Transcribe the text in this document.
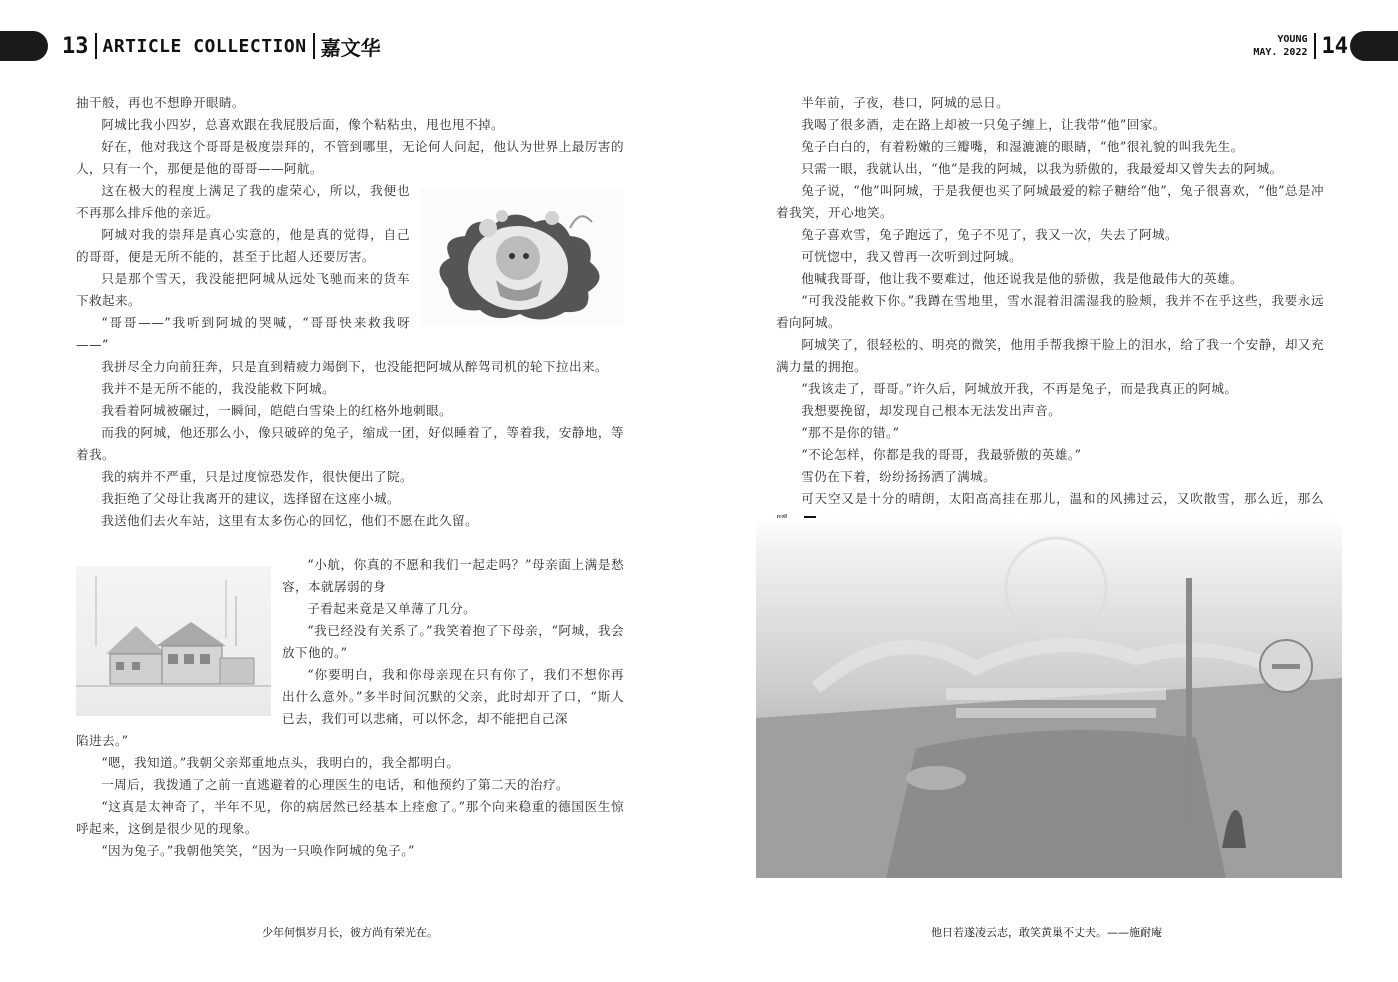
13 ARTICLE COLLECTION 嘉文华	YOUNG
MAY. 2022 14

抽干般，再也不想睁开眼睛。

阿城比我小四岁，总喜欢跟在我屁股后面，像个粘粘虫，甩也甩不掉。

好在，他对我这个哥哥是极度崇拜的，不管到哪里，无论何人问起，他认为世界上最厉害的人，只有一个，那便是他的哥哥——阿航。

这在极大的程度上满足了我的虚荣心，所以，我便也不再那么排斥他的亲近。

阿城对我的崇拜是真心实意的，他是真的觉得，自己的哥哥，便是无所不能的，甚至于比超人还要厉害。

只是那个雪天，我没能把阿城从远处飞驰而来的货车下救起来。

“哥哥——”我听到阿城的哭喊，“哥哥快来救我呀——”

我拼尽全力向前狂奔，只是直到精疲力竭倒下，也没能把阿城从醉驾司机的轮下拉出来。

我并不是无所不能的，我没能救下阿城。

我看着阿城被碾过，一瞬间，皑皑白雪染上的红格外地刺眼。

而我的阿城，他还那么小，像只破碎的兔子，缩成一团，好似睡着了，等着我，安静地，等着我。

我的病并不严重，只是过度惊恐发作，很快便出了院。

我拒绝了父母让我离开的建议，选择留在这座小城。

我送他们去火车站，这里有太多伤心的回忆，他们不愿在此久留。

“小航，你真的不愿和我们一起走吗？”母亲面上满是愁容，本就孱弱的身

子看起来竟是又单薄了几分。

“我已经没有关系了。”我笑着抱了下母亲，“阿城，我会放下他的。”

“你要明白，我和你母亲现在只有你了，我们不想你再出什么意外。”多半时间沉默的父亲，此时却开了口，“斯人已去，我们可以悲痛，可以怀念，却不能把自己深

陷进去。”

“嗯，我知道。”我朝父亲郑重地点头，我明白的，我全都明白。

一周后，我拨通了之前一直逃避着的心理医生的电话，和他预约了第二天的治疗。

“这真是太神奇了，半年不见，你的病居然已经基本上痊愈了。”那个向来稳重的德国医生惊呼起来，这倒是很少见的现象。

“因为兔子。”我朝他笑笑，“因为一只唤作阿城的兔子。”

半年前，子夜，巷口，阿城的忌日。

我喝了很多酒，走在路上却被一只兔子缠上，让我带“他”回家。

兔子白白的，有着粉嫩的三瓣嘴，和湿漉漉的眼睛，“他”很礼貌的叫我先生。

只需一眼，我就认出，“他”是我的阿城，以我为骄傲的，我最爱却又曾失去的阿城。

兔子说，“他”叫阿城，于是我便也买了阿城最爱的粽子糖给“他”，兔子很喜欢，“他”总是冲着我笑，开心地笑。

兔子喜欢雪，兔子跑远了，兔子不见了，我又一次，失去了阿城。

可恍惚中，我又曾再一次听到过阿城。

他喊我哥哥，他让我不要难过，他还说我是他的骄傲，我是他最伟大的英雄。

“可我没能救下你。”我蹲在雪地里，雪水混着泪濡湿我的脸颊，我并不在乎这些，我要永远看向阿城。

阿城笑了，很轻松的、明亮的微笑，他用手帮我擦干脸上的泪水，给了我一个安静，却又充满力量的拥抱。

“我该走了，哥哥。”许久后，阿城放开我，不再是兔子，而是我真正的阿城。

我想要挽留，却发现自己根本无法发出声音。

“那不是你的错。”

“不论怎样，你都是我的哥哥，我最骄傲的英雄。”

雪仍在下着，纷纷扬扬洒了满城。

可天空又是十分的晴朗，太阳高高挂在那儿，温和的风拂过云，又吹散雪，那么近，那么

少年何惧岁月长，彼方尚有荣光在。	他日若遂凌云志，敢笑黄巢不丈夫。——施耐庵
